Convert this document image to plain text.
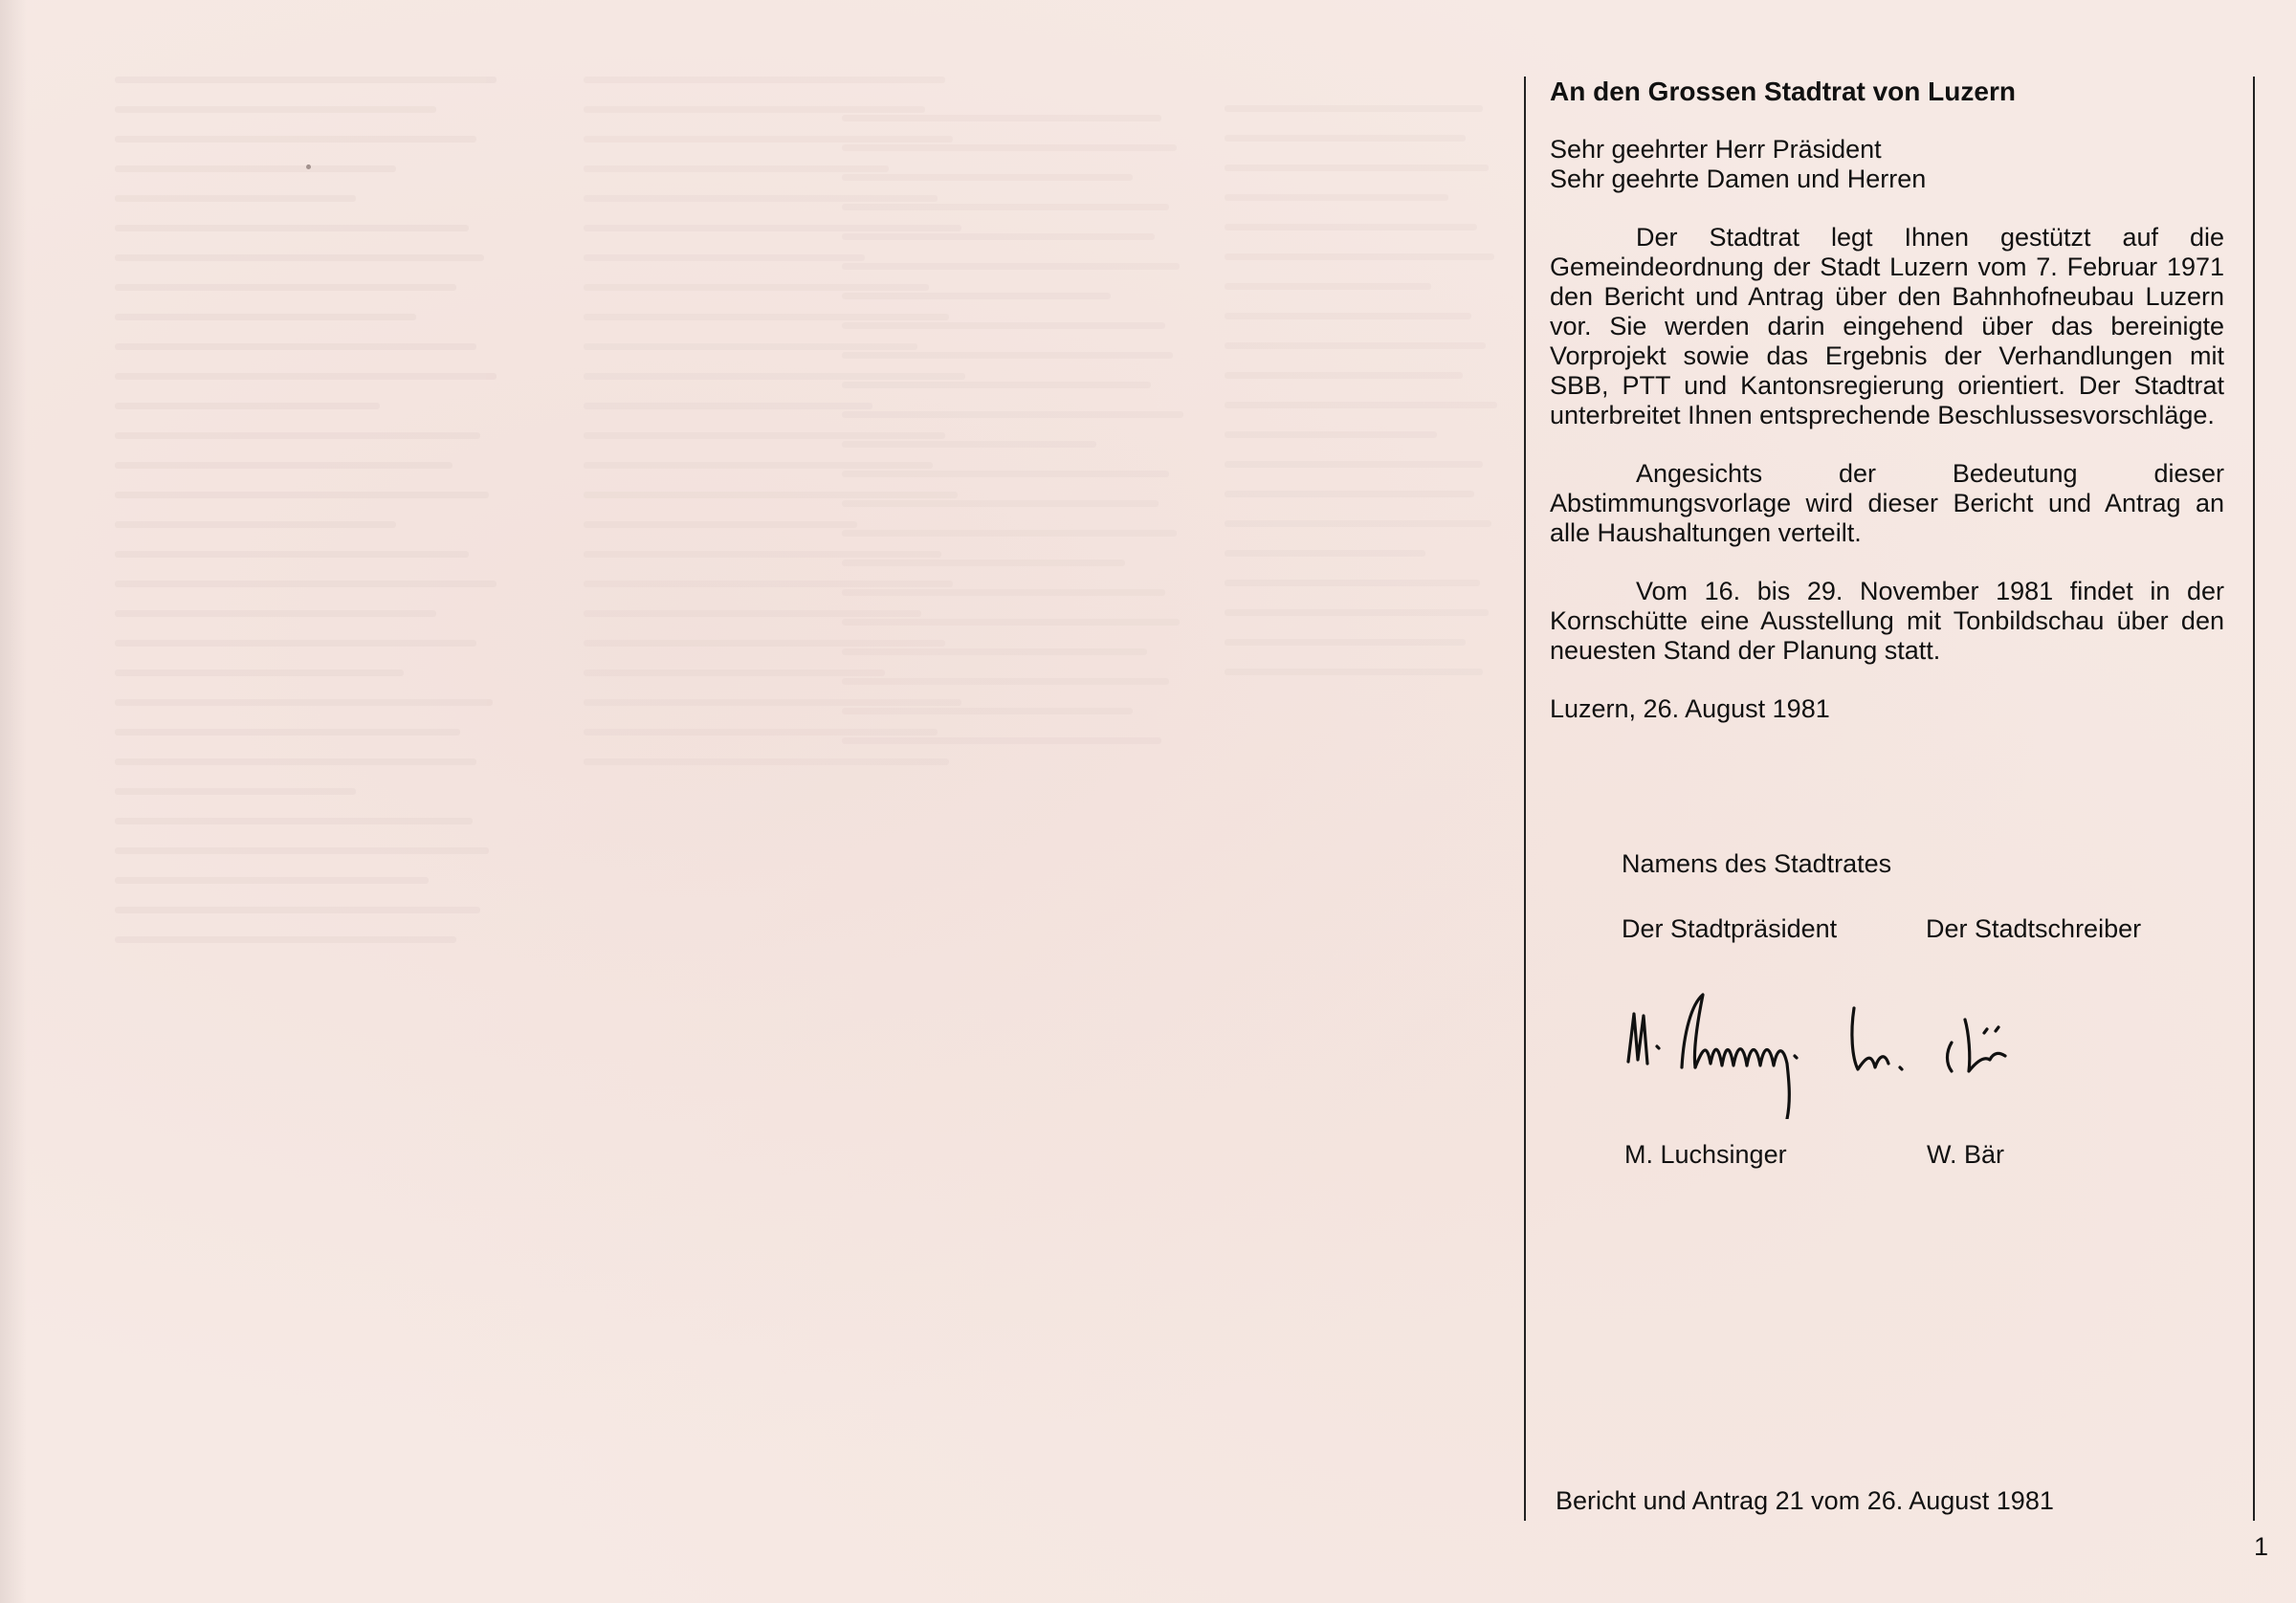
An den Grossen Stadtrat von Luzern
Sehr geehrter Herr Präsident
Sehr geehrte Damen und Herren

Der Stadtrat legt Ihnen gestützt auf die Gemeindeordnung der Stadt Luzern vom 7. Februar 1971 den Bericht und Antrag über den Bahnhofneubau Luzern vor. Sie werden darin eingehend über das bereinigte Vorprojekt sowie das Ergebnis der Verhandlungen mit SBB, PTT und Kantonsregierung orientiert. Der Stadtrat unterbreitet Ihnen entsprechende Beschlussesvorschläge.

Angesichts der Bedeutung dieser Abstimmungsvorlage wird dieser Bericht und Antrag an alle Haushaltungen verteilt.

Vom 16. bis 29. November 1981 findet in der Kornschütte eine Ausstellung mit Tonbildschau über den neuesten Stand der Planung statt.

Luzern, 26. August 1981
Namens des Stadtrates
Der Stadtpräsident	Der Stadtschreiber
M. Luchsinger	W. Bär
Bericht und Antrag 21 vom 26. August 1981
1
